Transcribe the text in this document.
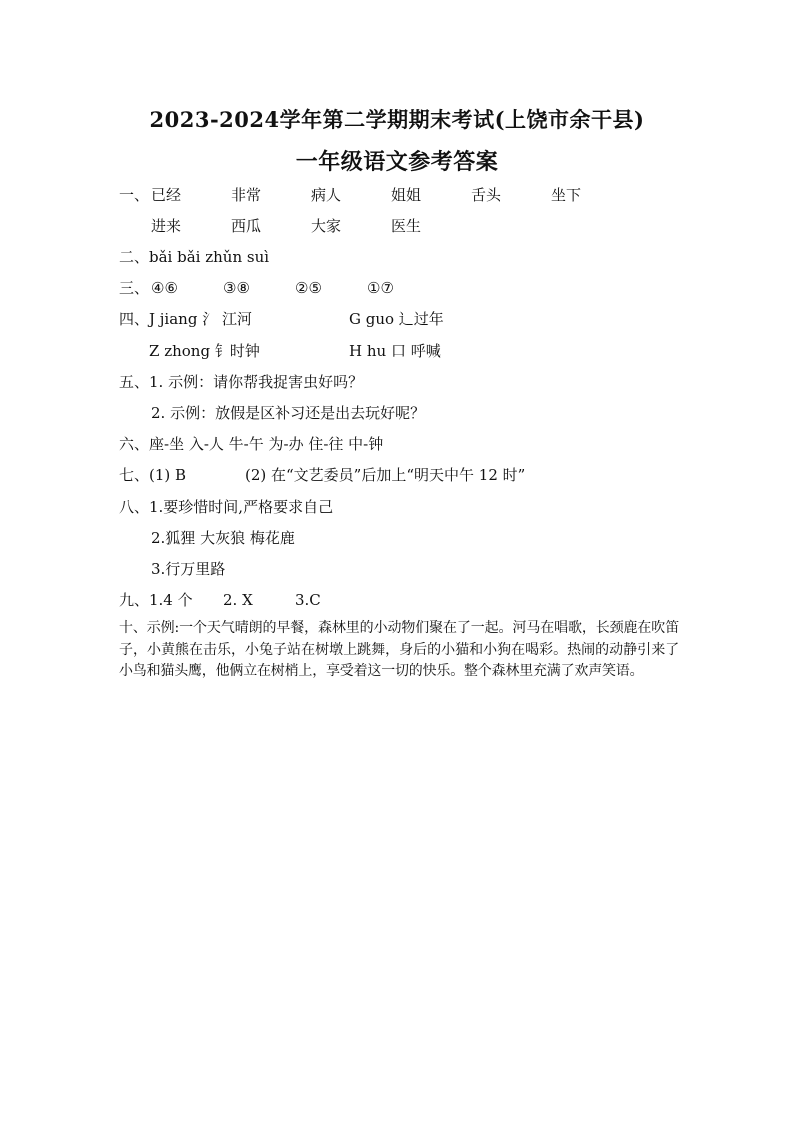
2023-2024学年第二学期期末考试(上饶市余干县)
一年级语文参考答案
一、 已经	非常	病人	姐姐	舌头	坐下
进来	西瓜	大家	医生
二、bǎi bǎi zhǔn suì
三、 ④⑥	③⑧	②⑤	①⑦
四、 J jiang 氵 江河	G guo 辶过年
Z zhong 钅时钟	H hu 口 呼喊
五、1. 示例：请你帮我捉害虫好吗？
2. 示例：放假是区补习还是出去玩好呢？
六、座-坐 入-人 牛-午 为-办 住-往 中-钟
七、(1) B	(2) 在“文艺委员”后加上“明天中午 12 时”
八、1.要珍惜时间,严格要求自己
2.狐狸 大灰狼 梅花鹿
3.行万里路
九、1.4 个 2. X	3.C
十、示例:一个天气晴朗的早餐，森林里的小动物们聚在了一起。河马在唱歌，长颈鹿在吹笛子，小黄熊在击乐，小兔子站在树墩上跳舞，身后的小猫和小狗在喝彩。热闹的动静引来了小鸟和猫头鹰，他俩立在树梢上，享受着这一切的快乐。整个森林里充满了欢声笑语。
